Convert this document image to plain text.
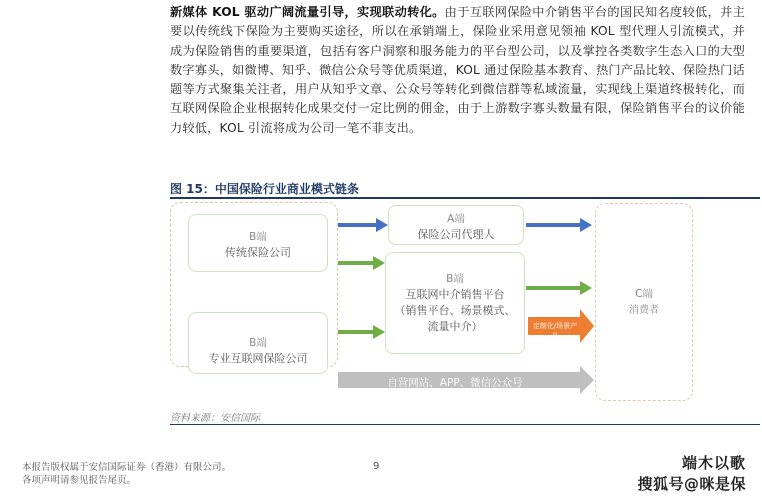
新媒体 KOL 驱动广阔流量引导，实现联动转化。由于互联网保险中介销售平台的国民知名度较低，并主要以传统线下保险为主要购买途径，所以在承销端上，保险业采用意见领袖 KOL 型代理人引流模式，并成为保险销售的重要渠道，包括有客户洞察和服务能力的平台型公司，以及掌控各类数字生态入口的大型数字寡头，如微博、知乎、微信公众号等优质渠道，KOL 通过保险基本教育、热门产品比较、保险热门话题等方式聚集关注者，用户从知乎文章、公众号等转化到微信群等私域流量，实现线上渠道终极转化，而互联网保险企业根据转化成果交付一定比例的佣金，由于上游数字寡头数量有限，保险销售平台的议价能力较低，KOL 引流将成为公司一笔不菲支出。
图 15：中国保险行业商业模式链条
B端
传统保险公司
B端
专业互联网保险公司
A端
保险公司代理人
B端
互联网中介销售平台
（销售平台、场景模式、
流量中介）
C端
消费者
定制化/场景产品
自营网站、APP、微信公众号
资料来源：安信国际
本报告版权属于安信国际证券（香港）有限公司。
各项声明请参见报告尾页。
9	端木以歌
搜狐号@咪是保
